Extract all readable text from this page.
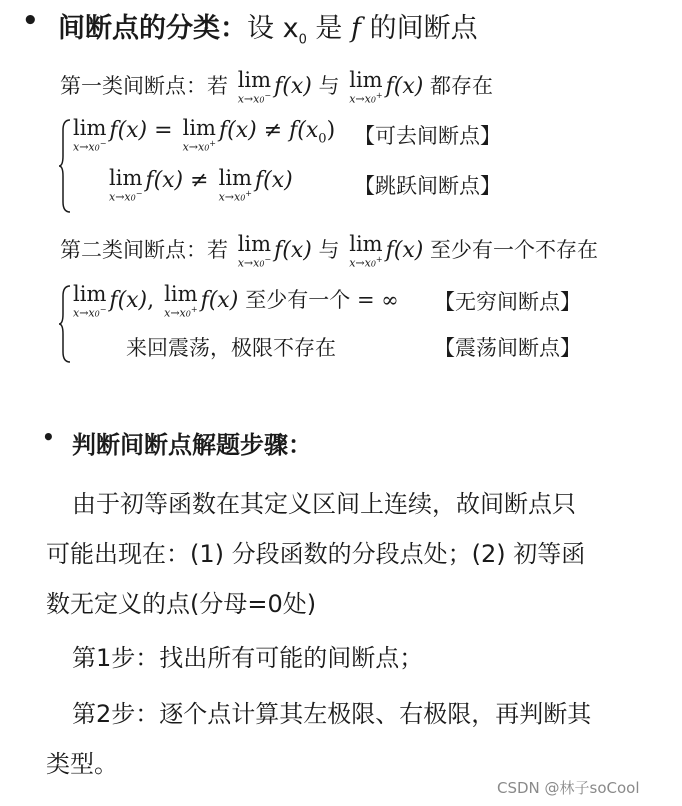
• 间断点的分类：设 $x_0$ 是 f 的间断点
第一类间断点：若 lim
x→x0− f(x) 与 lim
x→x0+ f(x) 都存在
lim
x→x0−
f(x) = lim
x→x0+
$f(x) \ne f(x_0)$ 【可去间断点】
lim
x→x0−
f(x) ≠ lim
x→x0+
f(x)	【跳跃间断点】
第二类间断点：若 lim
x→x0− f(x) 与 lim
x→x0+ f(x) 至少有一个不存在
lim
x→x0− f(x), lim
x→x0+ f(x) 至少有一个 = ∞ 【无穷间断点】
来回震荡，极限不存在	【震荡间断点】
• 判断间断点解题步骤：
由于初等函数在其定义区间上连续，故间断点只
可能出现在：(1) 分段函数的分段点处；(2) 初等函
数无定义的点(分母=0处)
第1步：找出所有可能的间断点；
第2步：逐个点计算其左极限、右极限，再判断其
类型。
CSDN @林子soCool
